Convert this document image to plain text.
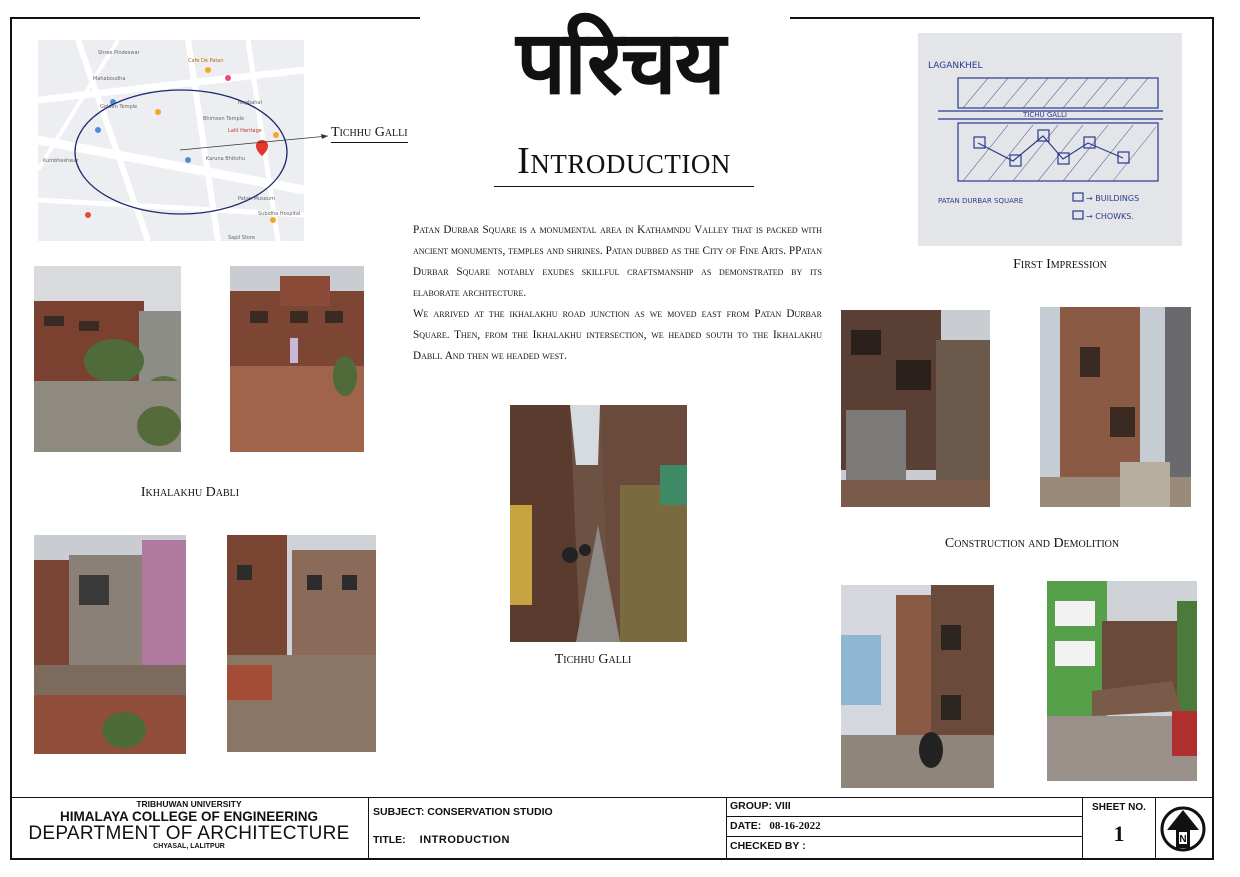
परिचय
Introduction
Shree Pindeswar
Cafe De Patan
Mahaboudha
Nagbahal
Golden Temple
Lalit Heritage
Bhimsen Temple
Karuna Bhikshu
Kumbheshwar
Patan Museum
Subidha Hospital
Sapil Store
Tichhu Galli

Patan Durbar Square is a monumental area in Kathamndu Valley that is packed with ancient monuments, temples and shrines. Patan dubbed as the City of Fine Arts. PPatan Durbar Square notably exudes skillful craftsmanship as demonstrated by its elaborate architecture.

We arrived at the ikhalakhu road junction as we moved east from Patan Durbar Square. Then, from the Ikhalakhu intersection, we headed south to the Ikhalakhu Dabli. And then we headed west.

Ikhalakhu Dabli
Tichhu Galli
LAGANKHEL
TICHU GALLI
PATAN DURBAR SQUARE	→ BUILDINGS
→ CHOWKS.
First Impression
Construction and Demolition
TRIBHUWAN UNIVERSITY
HIMALAYA COLLEGE OF ENGINEERING
DEPARTMENT OF ARCHITECTURE
CHYASAL, LALITPUR
SUBJECT: CONSERVATION STUDIO
TITLE: INTRODUCTION
GROUP: VIII
DATE: 08-16-2022
CHECKED BY :
SHEET NO.
1	N
